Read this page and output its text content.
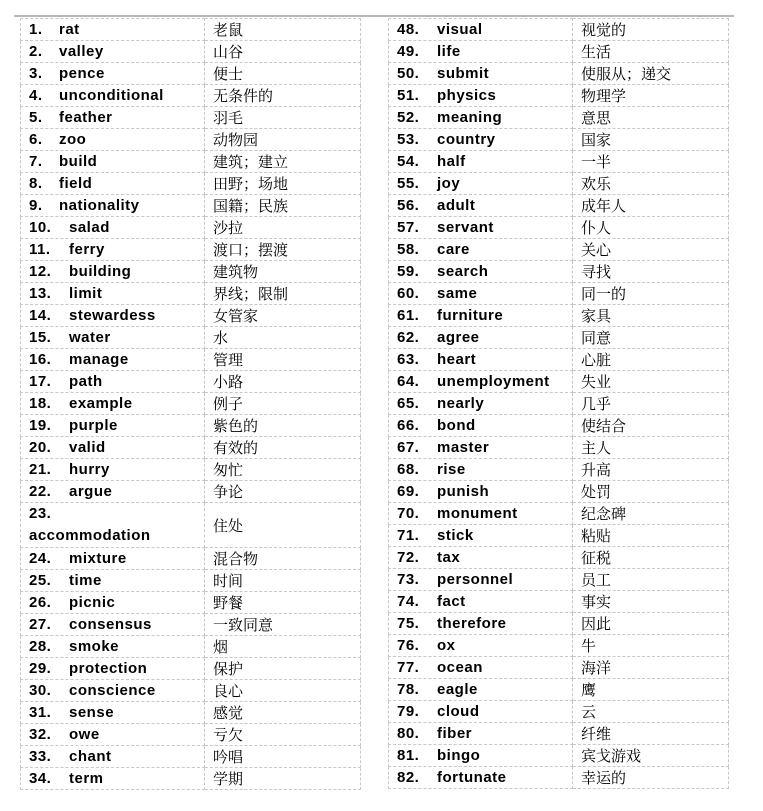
1. rat	老鼠
2. valley	山谷
3. pence	便士
4. unconditional	无条件的
5. feather	羽毛
6. zoo	动物园
7. build	建筑；建立
8. field	田野；场地
9. nationality	国籍；民族
10. salad	沙拉
11. ferry	渡口；摆渡
12. building	建筑物
13. limit	界线；限制
14. stewardess	女管家
15. water	水
16. manage	管理
17. path	小路
18. example	例子
19. purple	紫色的
20. valid	有效的
21. hurry	匆忙
22. argue	争论
23.
accommodation	住处
24. mixture	混合物
25. time	时间
26. picnic	野餐
27. consensus	一致同意
28. smoke	烟
29. protection	保护
30. conscience	良心
31. sense	感觉
32. owe	亏欠
33. chant	吟唱
34. term	学期
48. visual	视觉的
49. life	生活
50. submit	使服从；递交
51. physics	物理学
52. meaning	意思
53. country	国家
54. half	一半
55. joy	欢乐
56. adult	成年人
57. servant	仆人
58. care	关心
59. search	寻找
60. same	同一的
61. furniture	家具
62. agree	同意
63. heart	心脏
64. unemployment	失业
65. nearly	几乎
66. bond	使结合
67. master	主人
68. rise	升高
69. punish	处罚
70. monument	纪念碑
71. stick	粘贴
72. tax	征税
73. personnel	员工
74. fact	事实
75. therefore	因此
76. ox	牛
77. ocean	海洋
78. eagle	鹰
79. cloud	云
80. fiber	纤维
81. bingo	宾戈游戏
82. fortunate	幸运的
